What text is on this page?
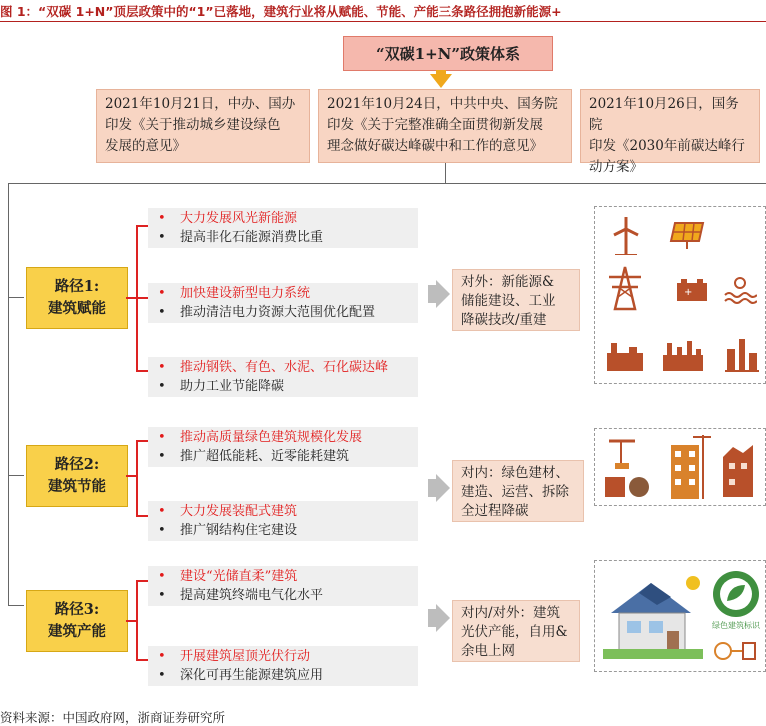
图 1：“双碳 1+N”顶层政策中的“1”已落地，建筑行业将从赋能、节能、产能三条路径拥抱新能源+
“双碳1+N”政策体系
2021年10月21日，中办、国办
印发《关于推动城乡建设绿色
发展的意见》
2021年10月24日，中共中央、国务院
印发《关于完整准确全面贯彻新发展
理念做好碳达峰碳中和工作的意见》
2021年10月26日，国务院
印发《2030年前碳达峰行
动方案》
路径1:
建筑赋能
路径2:
建筑节能
路径3:
建筑产能
• 大力发展风光新能源
• 提高非化石能源消费比重
• 加快建设新型电力系统
• 推动清洁电力资源大范围优化配置
• 推动钢铁、有色、水泥、石化碳达峰
• 助力工业节能降碳
• 推动高质量绿色建筑规模化发展
• 推广超低能耗、近零能耗建筑
• 大力发展装配式建筑
• 推广钢结构住宅建设
• 建设“光储直柔”建筑
• 提高建筑终端电气化水平
• 开展建筑屋顶光伏行动
• 深化可再生能源建筑应用
对外：新能源&
储能建设、工业
降碳技改/重建
对内：绿色建材、
建造、运营、拆除
全过程降碳
对内/对外：建筑
光伏产能，自用&
余电上网
+
绿色建筑标识
资料来源：中国政府网，浙商证券研究所
